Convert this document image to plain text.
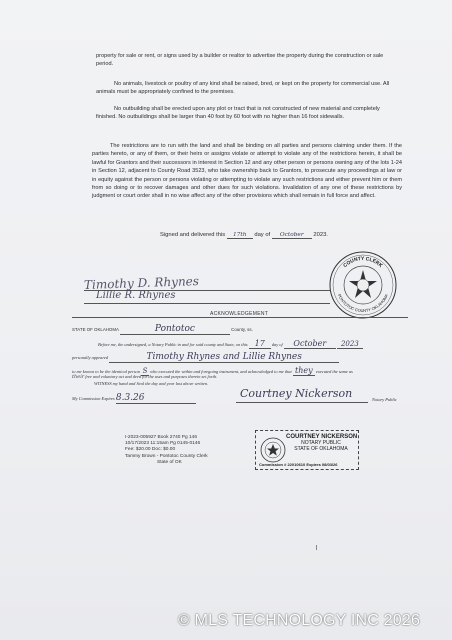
property for sale or rent, or signs used by a builder or realtor to advertise the property during the construction or sale period.
No animals, livestock or poultry of any kind shall be raised, bred, or kept on the property for commercial use. All animals must be appropriately confined to the premises.
No outbuilding shall be erected upon any plot or tract that is not constructed of new material and completely finished. No outbuildings shall be larger than 40 foot by 60 foot with no higher than 16 foot sidewalls.
The restrictions are to run with the land and shall be binding on all parties and persons claiming under them. If the parties hereto, or any of them, or their heirs or assigns violate or attempt to violate any of the restrictions herein, it shall be lawful for Grantors and their successors in interest in Section 12 and any other person or persons owning any of the lots 1-24 in Section 12, adjacent to County Road 3523, who take ownership back to Grantors, to prosecute any proceedings at law or in equity against the person or persons violating or attempting to violate any such restrictions and either prevent him or them from so doing or to recover damages and other dues for such violations. Invalidation of any one of these restrictions by judgment or court order shall in no wise affect any of the other provisions which shall remain in full force and affect.
Signed and delivered this 17th day of October 2023.
Timothy D. Rhynes
Lillie R. Rhynes
COUNTY CLERK
PONTOTOC COUNTY OKLAHOMA
ACKNOWLEDGEMENT
STATE OF OKLAHOMA	Pontotoc	County, ss.
Before me, the undersigned, a Notary Public in and for said county and State, on this 17 day of October 2023
personally appeared	Timothy Rhynes and Lillie Rhynes
to me known to be the identical person S who executed the within and foregoing instrument, and acknowledged to me that they executed the same as
their free and voluntary act and deed for the uses and purposes therein set forth.
WITNESS my hand and Seal the day and year last above written.
My Commission Expires 8.3.26	Courtney Nickerson	Notary Public
I-2023-005927 Book 2740 Pg 146
10/17/2023 11:15am Pg 0145-0146
Fee: $20.00 Doc: $0.00
Tammy Brown - Pontotoc County Clerk
State of OK
COURTNEY NICKERSON
NOTARY PUBLIC
STATE OF OKLAHOMA
Commission # 22010610 Expires 08/03/26
© MLS TECHNOLOGY INC 2026
